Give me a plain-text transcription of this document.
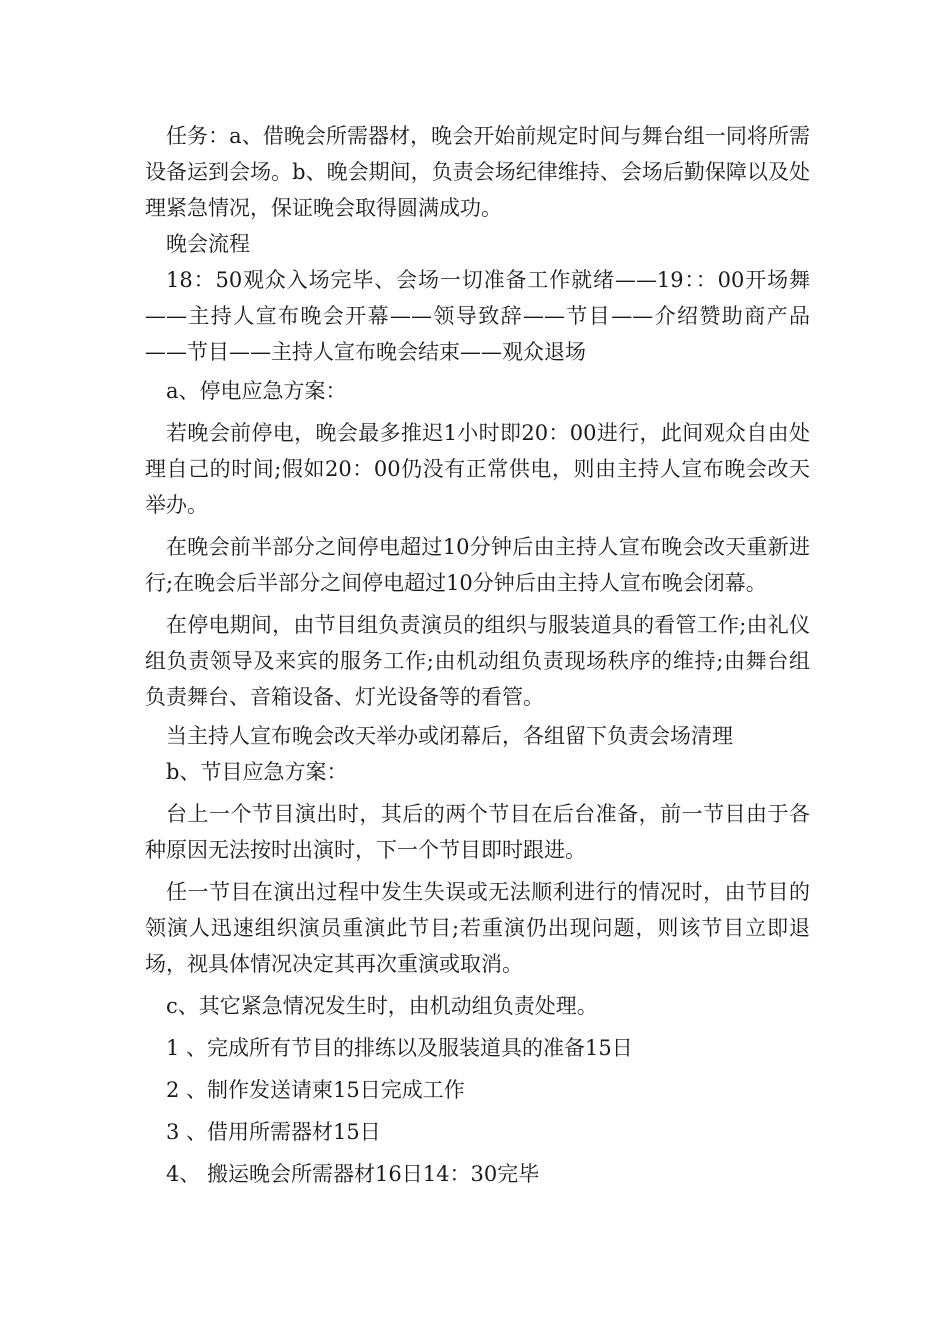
任务：a、借晚会所需器材，晚会开始前规定时间与舞台组一同将所需设备运到会场。b、晚会期间，负责会场纪律维持、会场后勤保障以及处理紧急情况，保证晚会取得圆满成功。

晚会流程

18：50观众入场完毕、会场一切准备工作就绪——19：：00开场舞——主持人宣布晚会开幕——领导致辞——节目——介绍赞助商产品——节目——主持人宣布晚会结束——观众退场

a、停电应急方案：

若晚会前停电，晚会最多推迟1小时即20：00进行，此间观众自由处理自己的时间;假如20：00仍没有正常供电，则由主持人宣布晚会改天举办。

在晚会前半部分之间停电超过10分钟后由主持人宣布晚会改天重新进行;在晚会后半部分之间停电超过10分钟后由主持人宣布晚会闭幕。

在停电期间，由节目组负责演员的组织与服装道具的看管工作;由礼仪组负责领导及来宾的服务工作;由机动组负责现场秩序的维持;由舞台组负责舞台、音箱设备、灯光设备等的看管。

当主持人宣布晚会改天举办或闭幕后，各组留下负责会场清理

b、节目应急方案：

台上一个节目演出时，其后的两个节目在后台准备，前一节目由于各种原因无法按时出演时，下一个节目即时跟进。

任一节目在演出过程中发生失误或无法顺利进行的情况时，由节目的领演人迅速组织演员重演此节目;若重演仍出现问题，则该节目立即退场，视具体情况决定其再次重演或取消。

c、其它紧急情况发生时，由机动组负责处理。

1 、完成所有节目的排练以及服装道具的准备15日

2 、制作发送请柬15日完成工作

3 、借用所需器材15日

4、 搬运晚会所需器材16日14：30完毕
